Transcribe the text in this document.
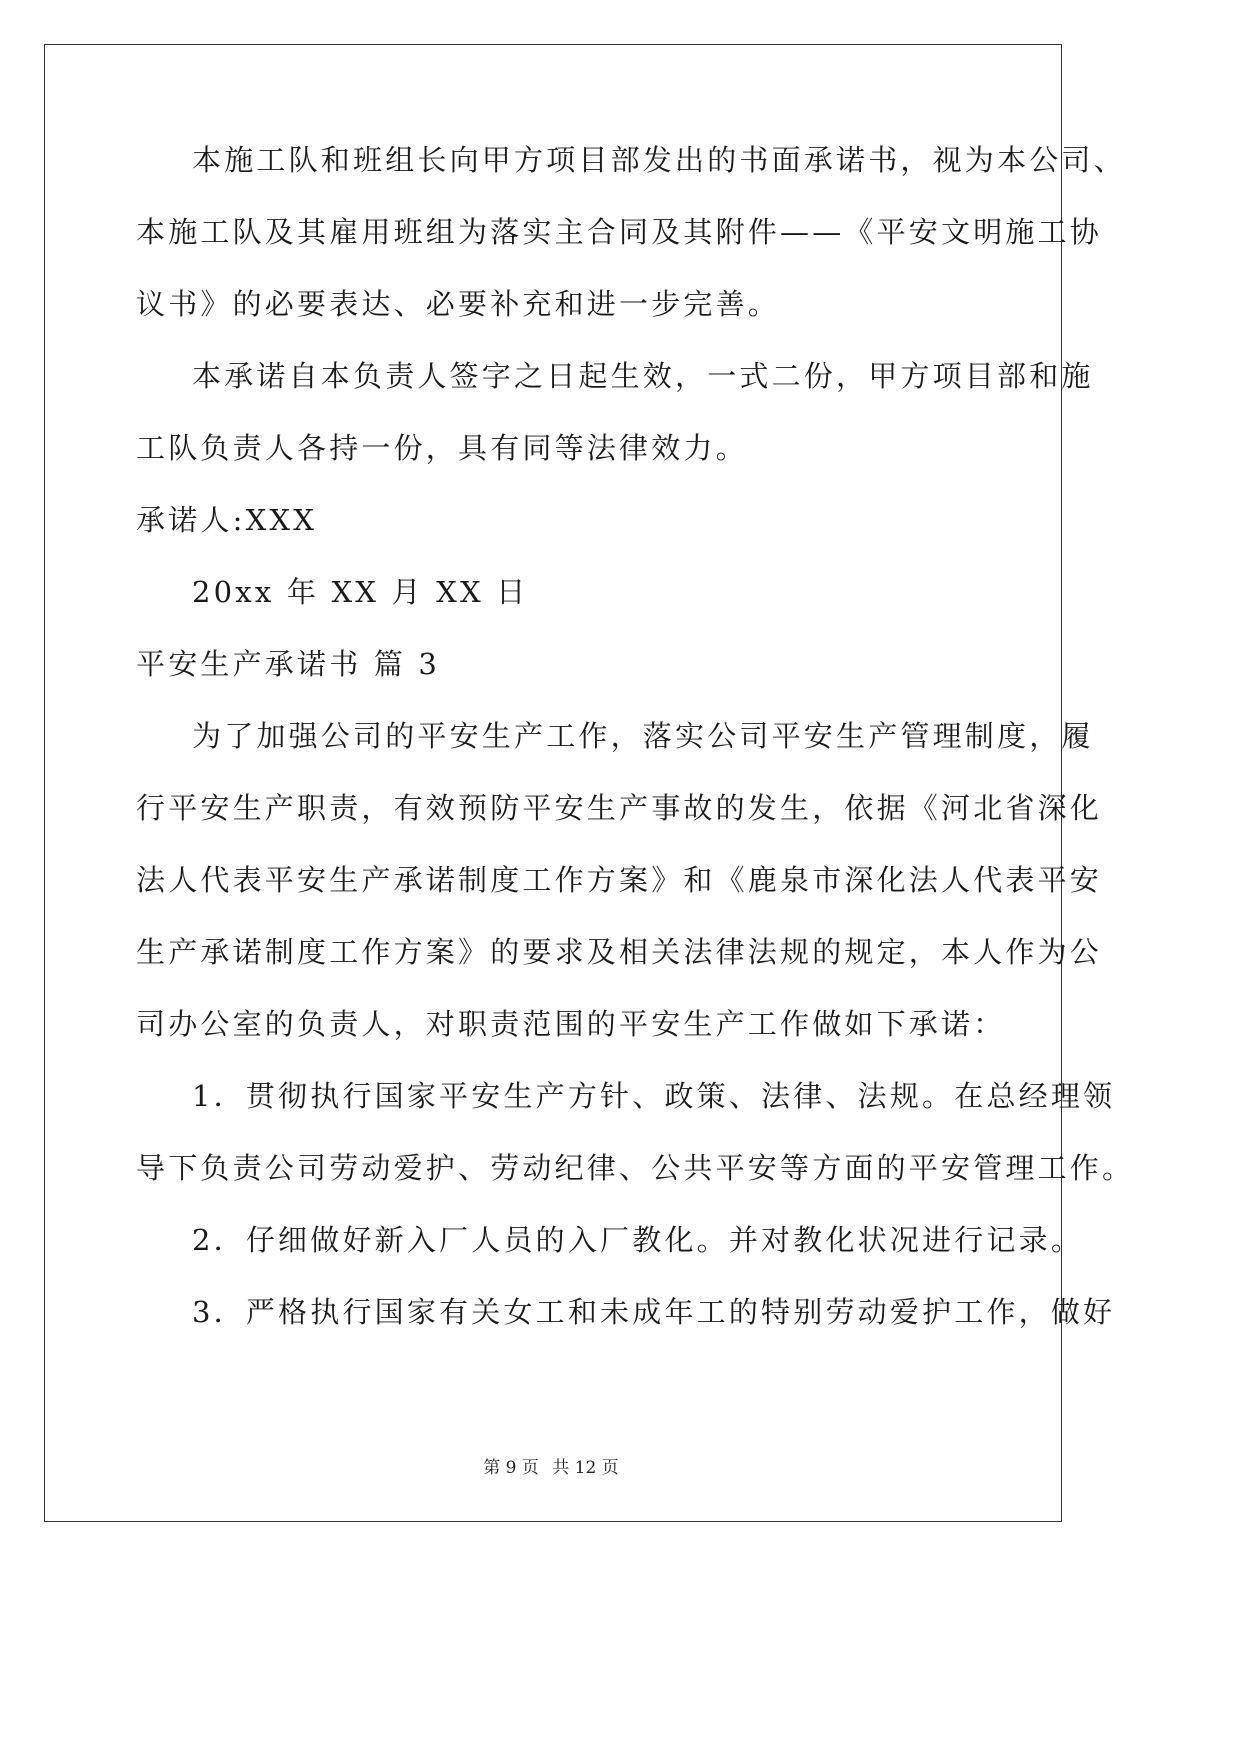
本施工队和班组长向甲方项目部发出的书面承诺书，视为本公司、
本施工队及其雇用班组为落实主合同及其附件——《平安文明施工协
议书》的必要表达、必要补充和进一步完善。
本承诺自本负责人签字之日起生效，一式二份，甲方项目部和施
工队负责人各持一份，具有同等法律效力。
承诺人:XXX
20xx 年 XX 月 XX 日
平安生产承诺书 篇 3
为了加强公司的平安生产工作，落实公司平安生产管理制度，履
行平安生产职责，有效预防平安生产事故的发生，依据《河北省深化
法人代表平安生产承诺制度工作方案》和《鹿泉市深化法人代表平安
生产承诺制度工作方案》的要求及相关法律法规的规定，本人作为公
司办公室的负责人，对职责范围的平安生产工作做如下承诺：
1．贯彻执行国家平安生产方针、政策、法律、法规。在总经理领
导下负责公司劳动爱护、劳动纪律、公共平安等方面的平安管理工作。
2．仔细做好新入厂人员的入厂教化。并对教化状况进行记录。
3．严格执行国家有关女工和未成年工的特别劳动爱护工作，做好
第 9 页 共 12 页
